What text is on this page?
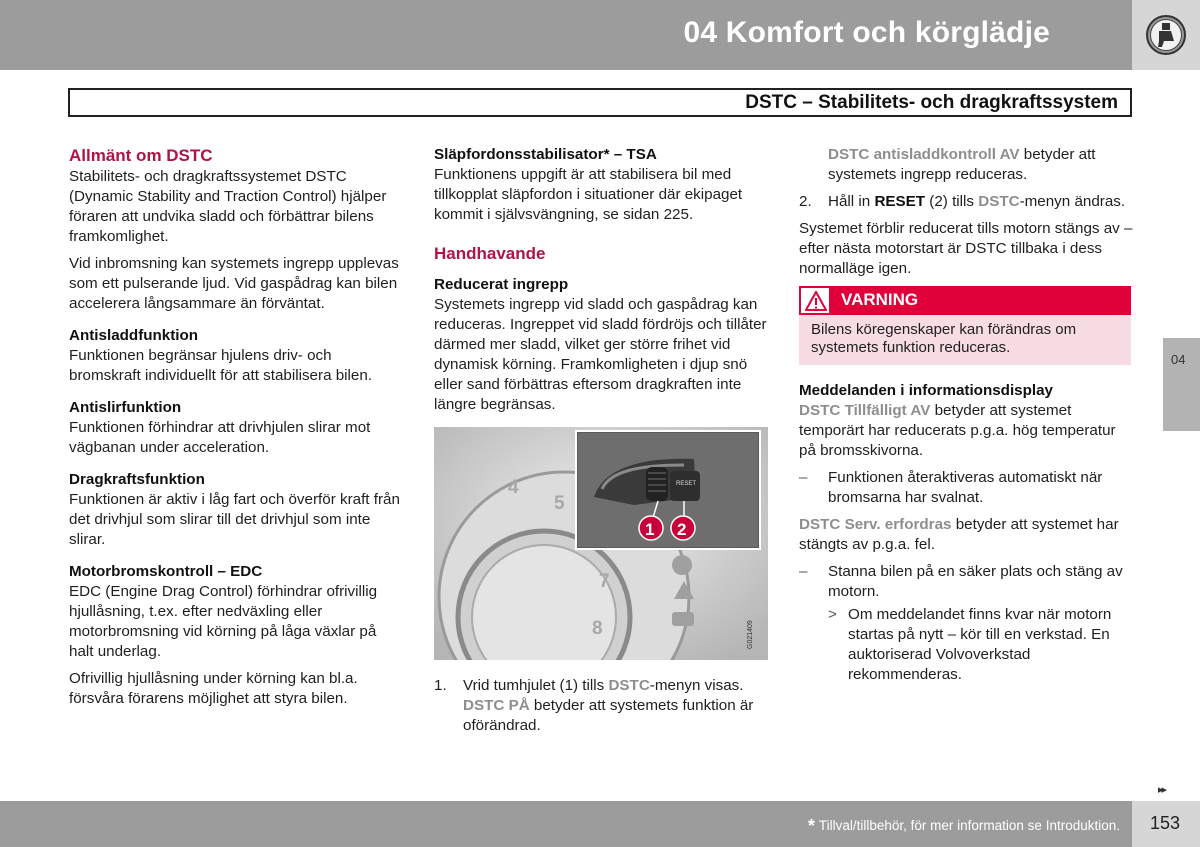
04 Komfort och körglädje
DSTC – Stabilitets- och dragkraftssystem
04
Allmänt om DSTC

Stabilitets- och dragkraftssystemet DSTC (Dynamic Stability and Traction Control) hjälper föraren att undvika sladd och förbättrar bilens framkomlighet.

Vid inbromsning kan systemets ingrepp upplevas som ett pulserande ljud. Vid gaspådrag kan bilen accelerera långsammare än förväntat.

Antisladdfunktion

Funktionen begränsar hjulens driv- och bromskraft individuellt för att stabilisera bilen.

Antislirfunktion

Funktionen förhindrar att drivhjulen slirar mot vägbanan under acceleration.

Dragkraftsfunktion

Funktionen är aktiv i låg fart och överför kraft från det drivhjul som slirar till det drivhjul som inte slirar.

Motorbromskontroll – EDC

EDC (Engine Drag Control) förhindrar ofrivillig hjullåsning, t.ex. efter nedväxling eller motorbromsning vid körning på låga växlar på halt underlag.

Ofrivillig hjullåsning under körning kan bl.a. försvåra förarens möjlighet att styra bilen.

Släpfordonsstabilisator* – TSA

Funktionens uppgift är att stabilisera bil med tillkopplat släpfordon i situationer där ekipaget kommit i självsvängning, se sidan 225.

Handhavande
Reducerat ingrepp

Systemets ingrepp vid sladd och gaspådrag kan reduceras. Ingreppet vid sladd fördröjs och tillåter därmed mer sladd, vilket ger större frihet vid dynamisk körning. Framkomligheten i djup snö eller sand förbättras eftersom dragkraften inte längre begränsas.

4
5
7
8	G021409
RESET
1 2
1. Vrid tumhjulet (1) tills DSTC-menyn visas. DSTC PÅ betyder att systemets funktion är oförändrad.

DSTC antisladdkontroll AV betyder att systemets ingrepp reduceras.

2. Håll in RESET (2) tills DSTC-menyn ändras.

Systemet förblir reducerat tills motorn stängs av – efter nästa motorstart är DSTC tillbaka i dess normalläge igen.

VARNING
Bilens köregenskaper kan förändras om systemets funktion reduceras.
Meddelanden i informationsdisplay

DSTC Tillfälligt AV betyder att systemet temporärt har reducerats p.g.a. hög temperatur på bromsskivorna.

– Funktionen återaktiveras automatiskt när bromsarna har svalnat.

DSTC Serv. erfordras betyder att systemet har stängts av p.g.a. fel.

– Stanna bilen på en säker plats och stäng av motorn.
> Om meddelandet finns kvar när motorn startas på nytt – kör till en verkstad. En auktoriserad Volvoverkstad rekommenderas.
▸▸
* Tillval/tillbehör, för mer information se Introduktion. 153
